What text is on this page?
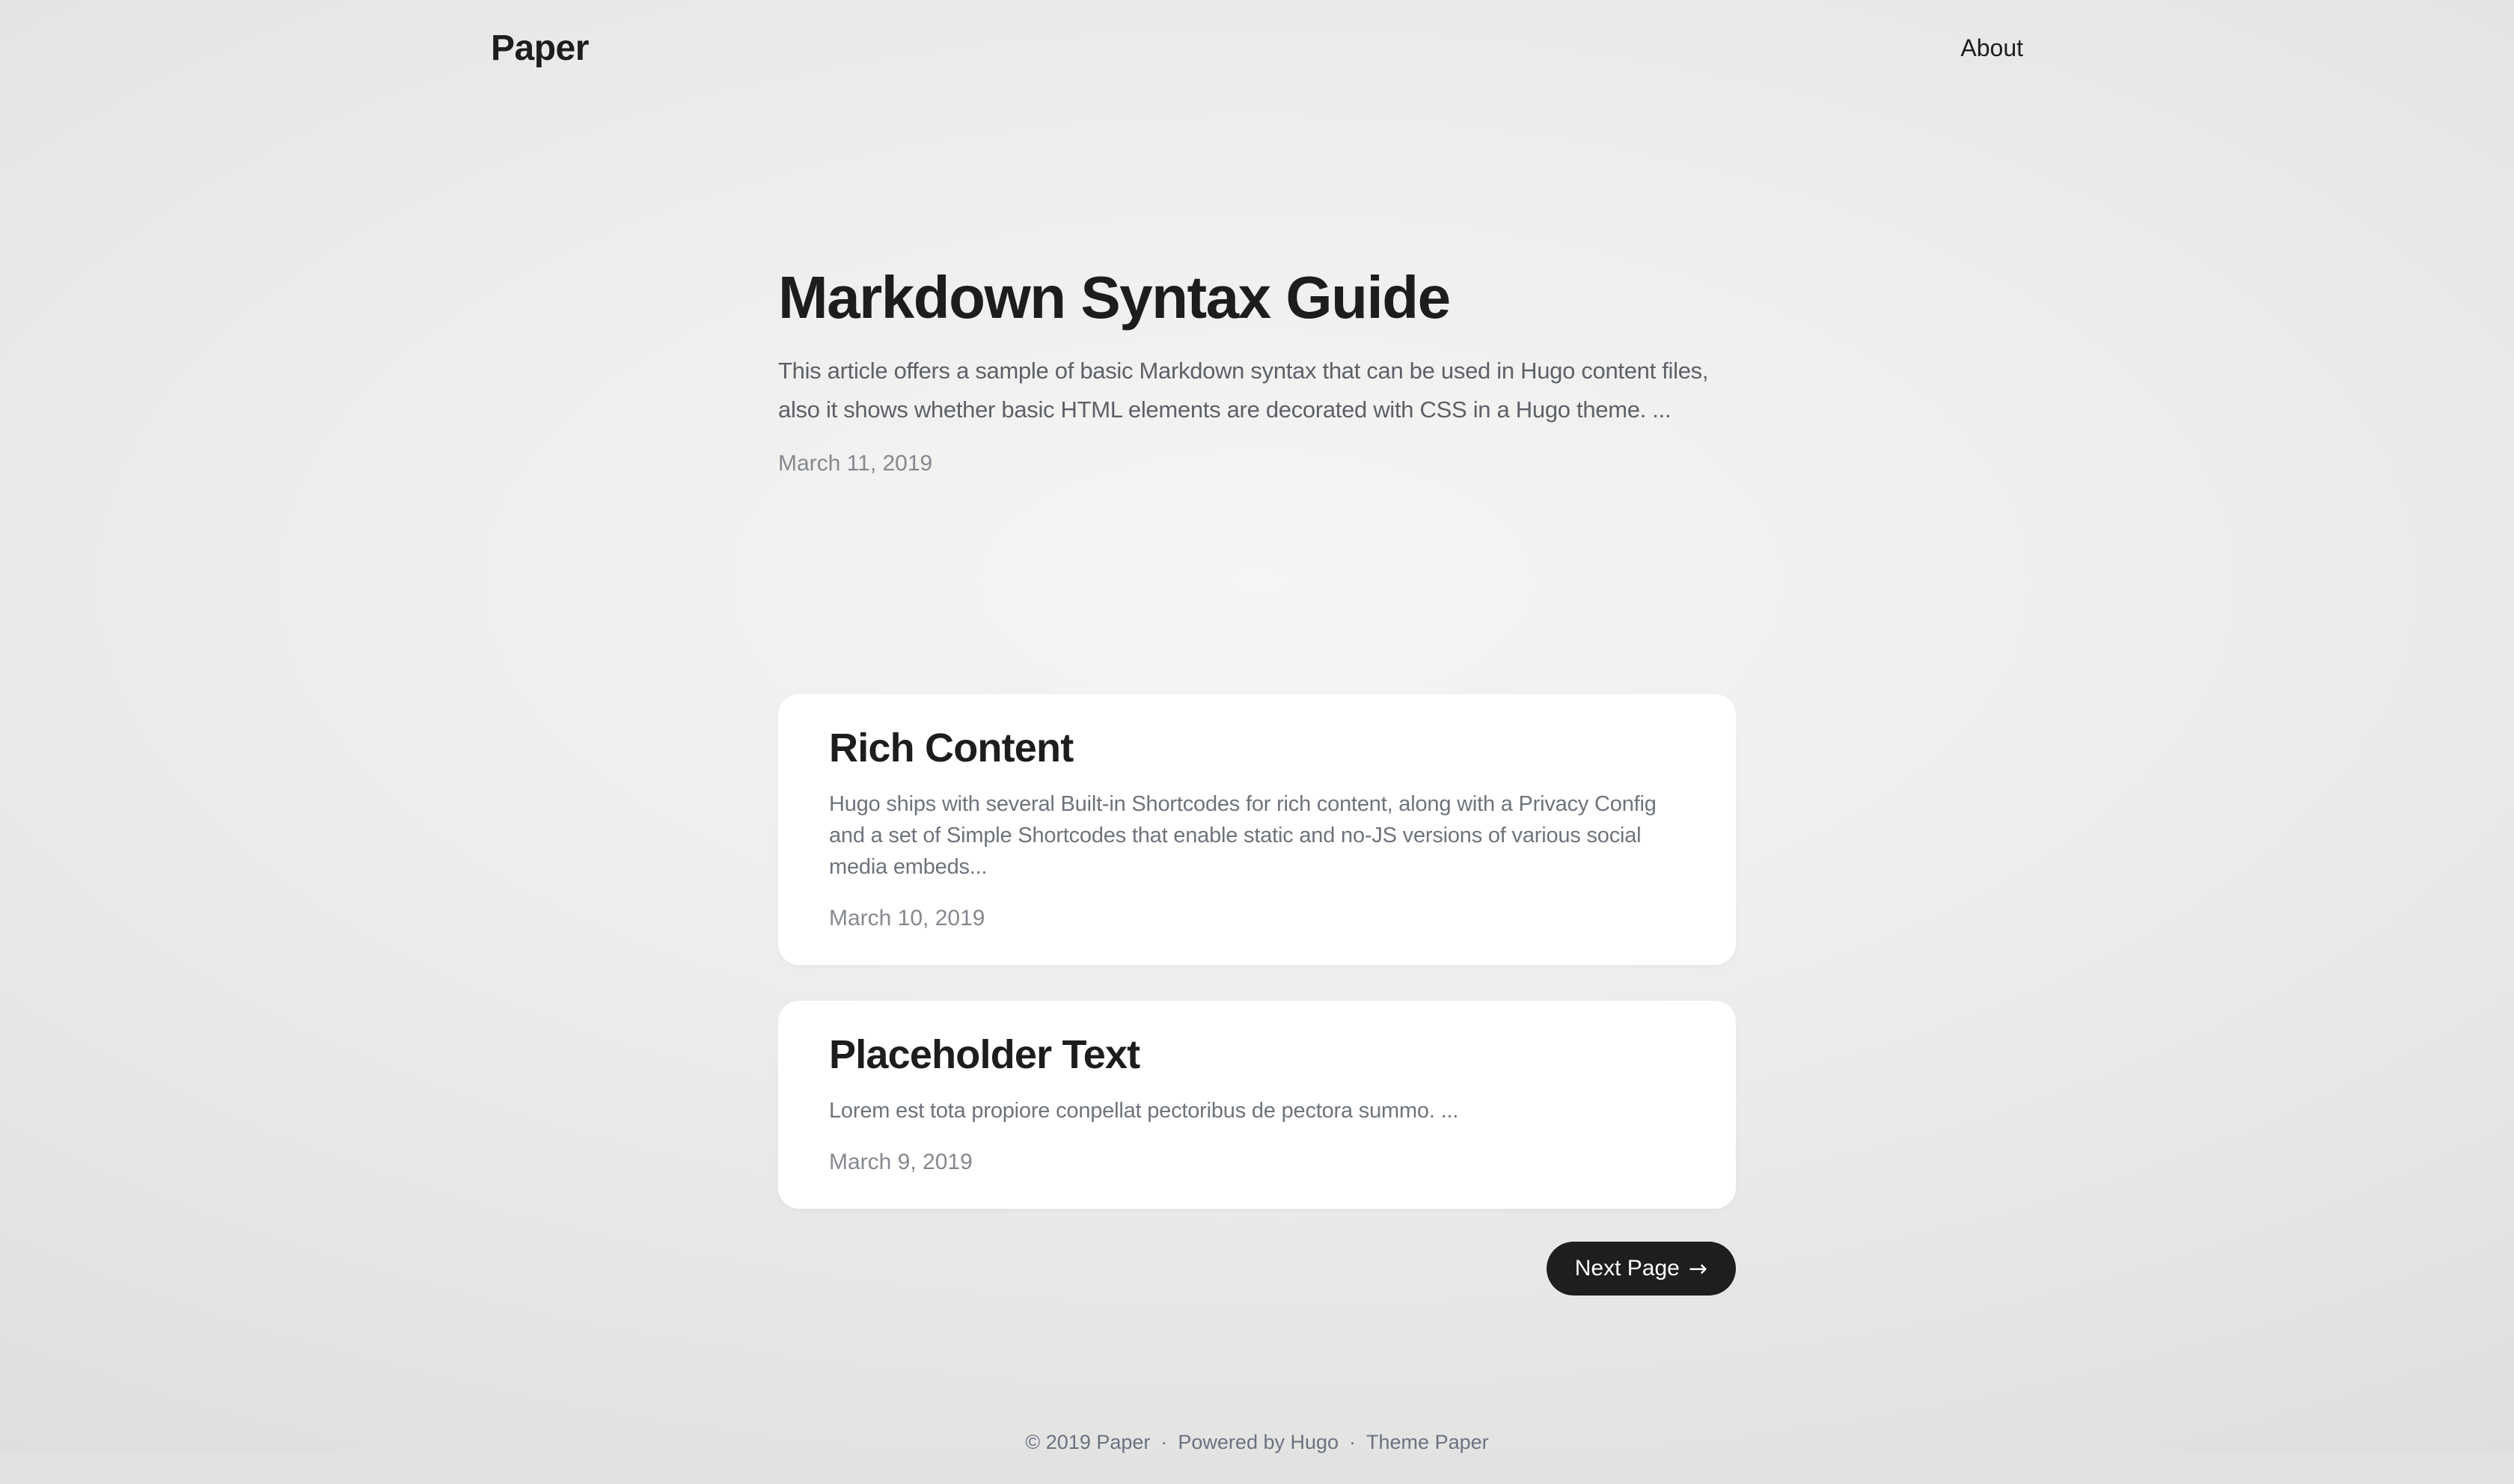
Paper	About
Markdown Syntax Guide

This article offers a sample of basic Markdown syntax that can be used in Hugo content files, also it shows whether basic HTML elements are decorated with CSS in a Hugo theme. ...

March 11, 2019

Rich Content

Hugo ships with several Built-in Shortcodes for rich content, along with a Privacy Config and a set of Simple Shortcodes that enable static and no-JS versions of various social media embeds...

March 10, 2019

Placeholder Text

Lorem est tota propiore conpellat pectoribus de pectora summo. ...

March 9, 2019

Next Page →
© 2019 Paper · Powered by Hugo · Theme Paper
